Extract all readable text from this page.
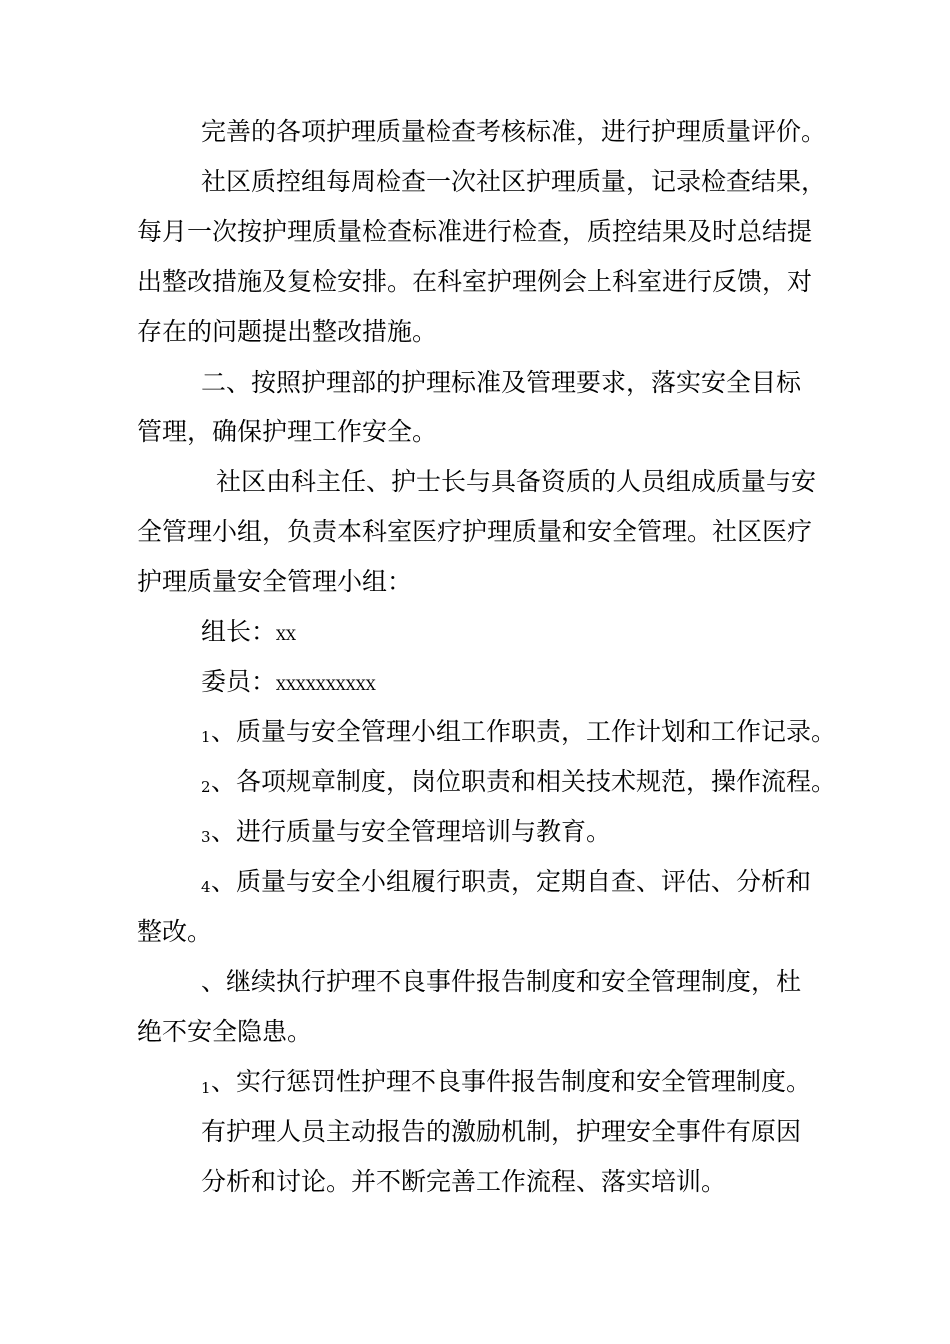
完善的各项护理质量检查考核标准，进行护理质量评价。
社区质控组每周检查一次社区护理质量，记录检查结果，
每月一次按护理质量检查标准进行检查，质控结果及时总结提
出整改措施及复检安排。在科室护理例会上科室进行反馈，对
存在的问题提出整改措施。
二、按照护理部的护理标准及管理要求，落实安全目标
管理，确保护理工作安全。
社区由科主任、护士长与具备资质的人员组成质量与安
全管理小组，负责本科室医疗护理质量和安全管理。社区医疗
护理质量安全管理小组：
组长： XX
委员： XXXXXXXXXX
1 、质量与安全管理小组工作职责，工作计划和工作记录。
2 、各项规章制度，岗位职责和相关技术规范，操作流程。
3 、进行质量与安全管理培训与教育。
4 、质量与安全小组履行职责，定期自查、评估、分析和
整改。
、继续执行护理不良事件报告制度和安全管理制度，杜
绝不安全隐患。
1 、实行惩罚性护理不良事件报告制度和安全管理制度。
有护理人员主动报告的激励机制，护理安全事件有原因
分析和讨论。并不断完善工作流程、落实培训。
